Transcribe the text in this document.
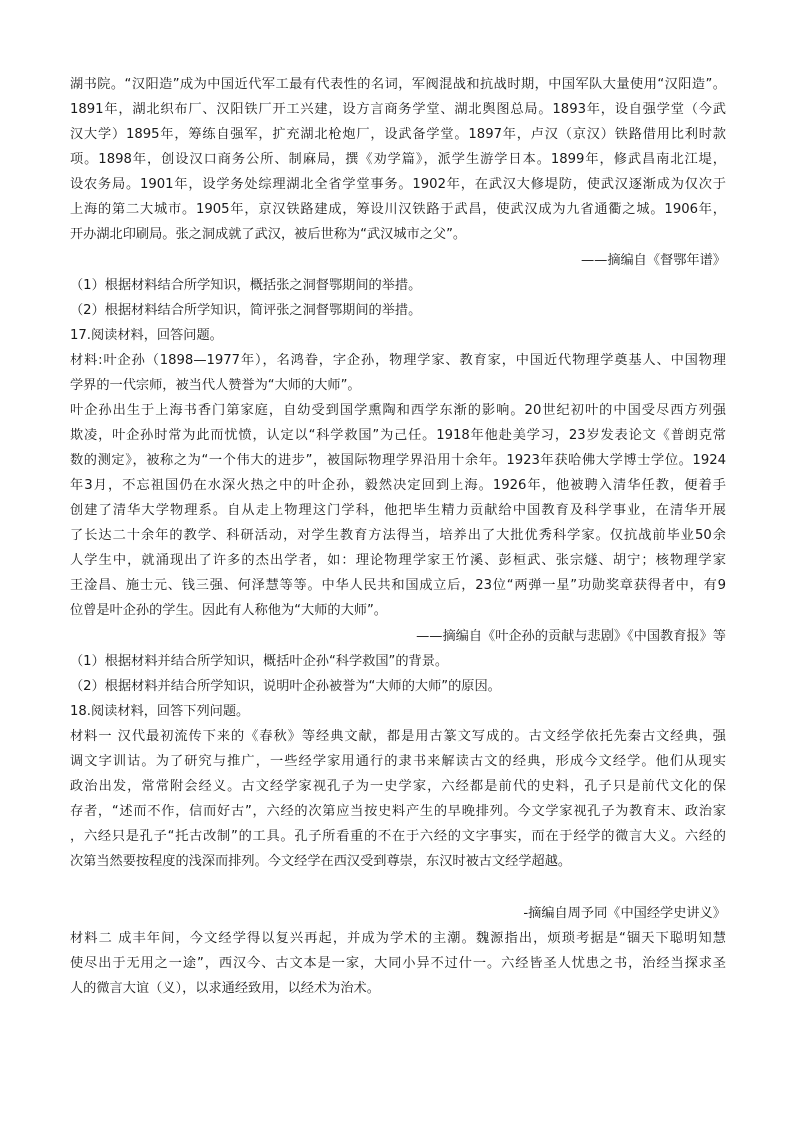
湖书院。“汉阳造”成为中国近代军工最有代表性的名词，军阀混战和抗战时期，中国军队大量使用“汉阳造”。
1891年，湖北织布厂、汉阳铁厂开工兴建，设方言商务学堂、湖北舆图总局。1893年，设自强学堂（今武
汉大学）1895年，筹练自强军，扩充湖北枪炮厂，设武备学堂。1897年，卢汉（京汉）铁路借用比利时款
项。1898年，创设汉口商务公所、制麻局，撰《劝学篇》，派学生游学日本。1899年，修武昌南北江堤，
设农务局。1901年，设学务处综理湖北全省学堂事务。1902年，在武汉大修堤防，使武汉逐渐成为仅次于
上海的第二大城市。1905年，京汉铁路建成，筹设川汉铁路于武昌，使武汉成为九省通衢之城。1906年，
开办湖北印刷局。张之洞成就了武汉，被后世称为“武汉城市之父”。
——摘编自《督鄂年谱》
（1）根据材料结合所学知识，概括张之洞督鄂期间的举措。
（2）根据材料结合所学知识，简评张之洞督鄂期间的举措。
17.阅读材料，回答问题。
材料:叶企孙（1898—1977年），名鸿眷，字企孙，物理学家、教育家，中国近代物理学奠基人、中国物理
学界的一代宗师，被当代人赞誉为“大师的大师”。
叶企孙出生于上海书香门第家庭，自幼受到国学熏陶和西学东渐的影响。20世纪初叶的中国受尽西方列强
欺凌，叶企孙时常为此而忧愤，认定以“科学救国”为己任。1918年他赴美学习，23岁发表论文《普朗克常
数的测定》，被称之为“一个伟大的进步”，被国际物理学界沿用十余年。1923年获哈佛大学博士学位。1924
年3月，不忘祖国仍在水深火热之中的叶企孙，毅然决定回到上海。1926年，他被聘入清华任教，便着手
创建了清华大学物理系。自从走上物理这门学科，他把毕生精力贡献给中国教育及科学事业，在清华开展
了长达二十余年的教学、科研活动，对学生教育方法得当，培养出了大批优秀科学家。仅抗战前毕业50余
人学生中，就涌现出了许多的杰出学者，如：理论物理学家王竹溪、彭桓武、张宗燧、胡宁；核物理学家
王淦昌、施士元、钱三强、何泽慧等等。中华人民共和国成立后，23位“两弹一星”功勋奖章获得者中，有9
位曾是叶企孙的学生。因此有人称他为“大师的大师”。
——摘编自《叶企孙的贡献与悲剧》《中国教育报》等
（1）根据材料并结合所学知识，概括叶企孙“科学救国”的背景。
（2）根据材料并结合所学知识，说明叶企孙被誉为“大师的大师”的原因。
18.阅读材料，回答下列问题。
材料一 汉代最初流传下来的《春秋》等经典文献，都是用古篆文写成的。古文经学依托先秦古文经典，强
调文字训诂。为了研究与推广，一些经学家用通行的隶书来解读古文的经典，形成今文经学。他们从现实
政治出发，常常附会经义。古文经学家视孔子为一史学家，六经都是前代的史料，孔子只是前代文化的保
存者，“述而不作，信而好古”，六经的次第应当按史料产生的早晚排列。今文学家视孔子为教育末、政治家
，六经只是孔子“托古改制”的工具。孔子所看重的不在于六经的文字事实，而在于经学的微言大义。六经的
次第当然要按程度的浅深而排列。今文经学在西汉受到尊崇，东汉时被古文经学超越。
-摘编自周予同《中国经学史讲义》
材料二 成丰年间，今文经学得以复兴再起，并成为学术的主潮。魏源指出，烦琐考据是“锢天下聪明知慧
使尽出于无用之一途”，西汉今、古文本是一家，大同小异不过什一。六经皆圣人忧患之书，治经当探求圣
人的微言大谊（义），以求通经致用，以经术为治术。
